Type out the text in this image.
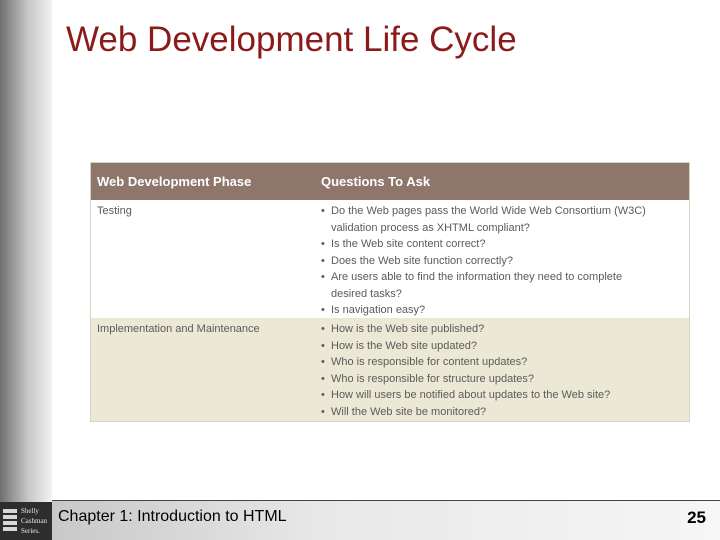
Web Development Life Cycle
Web Development Phase	Questions To Ask
Testing	• Do the Web pages pass the World Wide Web Consortium (W3C)
validation process as XHTML compliant?
• Is the Web site content correct?
• Does the Web site function correctly?
• Are users able to find the information they need to complete
desired tasks?
• Is navigation easy?
Implementation and Maintenance	• How is the Web site published?
• How is the Web site updated?
• Who is responsible for content updates?
• Who is responsible for structure updates?
• How will users be notified about updates to the Web site?
• Will the Web site be monitored?
Chapter 1: Introduction to HTML	25
Shelly
Cashman
Series.
